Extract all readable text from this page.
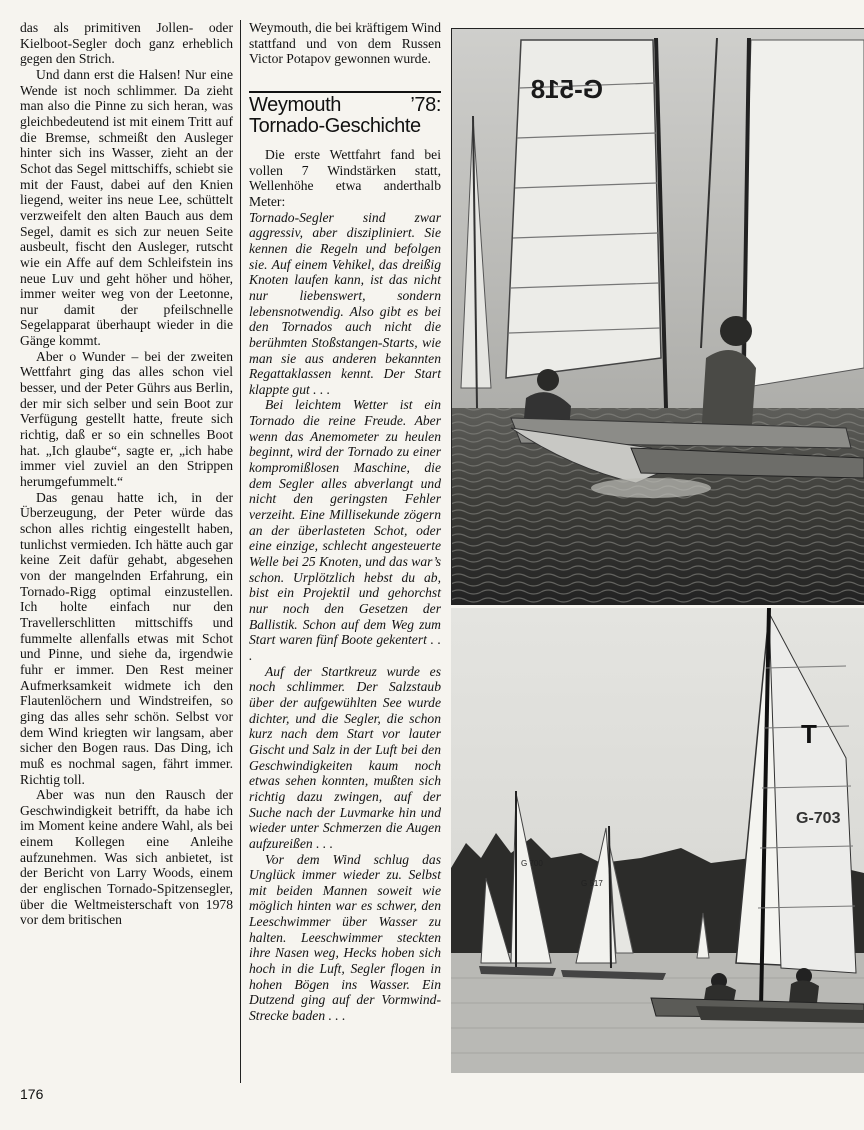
das als primitiven Jollen- oder Kielboot-Segler doch ganz erheblich gegen den Strich.

Und dann erst die Halsen! Nur eine Wende ist noch schlimmer. Da zieht man also die Pinne zu sich heran, was gleichbedeutend ist mit einem Tritt auf die Bremse, schmeißt den Ausleger hinter sich ins Wasser, zieht an der Schot das Segel mittschiffs, schiebt sie mit der Faust, dabei auf den Knien liegend, weiter ins neue Lee, schüttelt verzweifelt den alten Bauch aus dem Segel, damit es sich zur neuen Seite ausbeult, fischt den Ausleger, rutscht wie ein Affe auf dem Schleifstein ins neue Luv und geht höher und höher, immer weiter weg von der Leetonne, nur damit der pfeilschnelle Segelapparat überhaupt wieder in die Gänge kommt.

Aber o Wunder – bei der zweiten Wettfahrt ging das alles schon viel besser, und der Peter Gührs aus Berlin, der mir sich selber und sein Boot zur Verfügung gestellt hatte, freute sich richtig, daß er so ein schnelles Boot hat. „Ich glaube“, sagte er, „ich habe immer viel zuviel an den Strippen herumgefummelt.“

Das genau hatte ich, in der Überzeugung, der Peter würde das schon alles richtig eingestellt haben, tunlichst vermieden. Ich hätte auch gar keine Zeit dafür gehabt, abgesehen von der mangelnden Erfahrung, ein Tornado-Rigg optimal einzustellen. Ich holte einfach nur den Travellerschlitten mittschiffs und fummelte allenfalls etwas mit Schot und Pinne, und siehe da, irgendwie fuhr er immer. Den Rest meiner Aufmerksamkeit widmete ich den Flautenlöchern und Windstreifen, so ging das alles sehr schön. Selbst vor dem Wind kriegten wir langsam, aber sicher den Bogen raus. Das Ding, ich muß es nochmal sagen, fährt immer. Richtig toll.

Aber was nun den Rausch der Geschwindigkeit betrifft, da habe ich im Moment keine andere Wahl, als bei einem Kollegen eine Anleihe aufzunehmen. Was sich anbietet, ist der Bericht von Larry Woods, einem der englischen Tornado-Spitzensegler, über die Weltmeisterschaft von 1978 vor dem britischen

Weymouth, die bei kräftigem Wind stattfand und von dem Russen Victor Potapov gewonnen wurde.

Weymouth ’78: Tornado-Geschichte

Die erste Wettfahrt fand bei vollen 7 Windstärken statt, Wellenhöhe etwa anderthalb Meter:

Tornado-Segler sind zwar aggressiv, aber diszipliniert. Sie kennen die Regeln und befolgen sie. Auf einem Vehikel, das dreißig Knoten laufen kann, ist das nicht nur liebenswert, sondern lebensnotwendig. Also gibt es bei den Tornados auch nicht die berühmten Stoßstangen-Starts, wie man sie aus anderen bekannten Regattaklassen kennt. Der Start klappte gut . . .

Bei leichtem Wetter ist ein Tornado die reine Freude. Aber wenn das Anemometer zu heulen beginnt, wird der Tornado zu einer kompromißlosen Maschine, die dem Segler alles abverlangt und nicht den geringsten Fehler verzeiht. Eine Millisekunde zögern an der überlasteten Schot, oder eine einzige, schlecht angesteuerte Welle bei 25 Knoten, und das war’s schon. Urplötzlich hebst du ab, bist ein Projektil und gehorchst nur noch den Gesetzen der Ballistik. Schon auf dem Weg zum Start waren fünf Boote gekentert . . .

Auf der Startkreuz wurde es noch schlimmer. Der Salzstaub über der aufgewühlten See wurde dichter, und die Segler, die schon kurz nach dem Start vor lauter Gischt und Salz in der Luft bei den Geschwindigkeiten kaum noch etwas sehen konnten, mußten sich richtig dazu zwingen, auf der Suche nach der Luvmarke hin und wieder unter Schmerzen die Augen aufzureißen . . .

Vor dem Wind schlug das Unglück immer wieder zu. Selbst mit beiden Mannen soweit wie möglich hinten war es schwer, den Leeschwimmer über Wasser zu halten. Leeschwimmer steckten ihre Nasen weg, Hecks hoben sich hoch in die Luft, Segler flogen in hohen Bögen ins Wasser. Ein Dutzend ging auf der Vormwind-Strecke baden . . .

G-518
G 700
G 517
T
G-703
176
